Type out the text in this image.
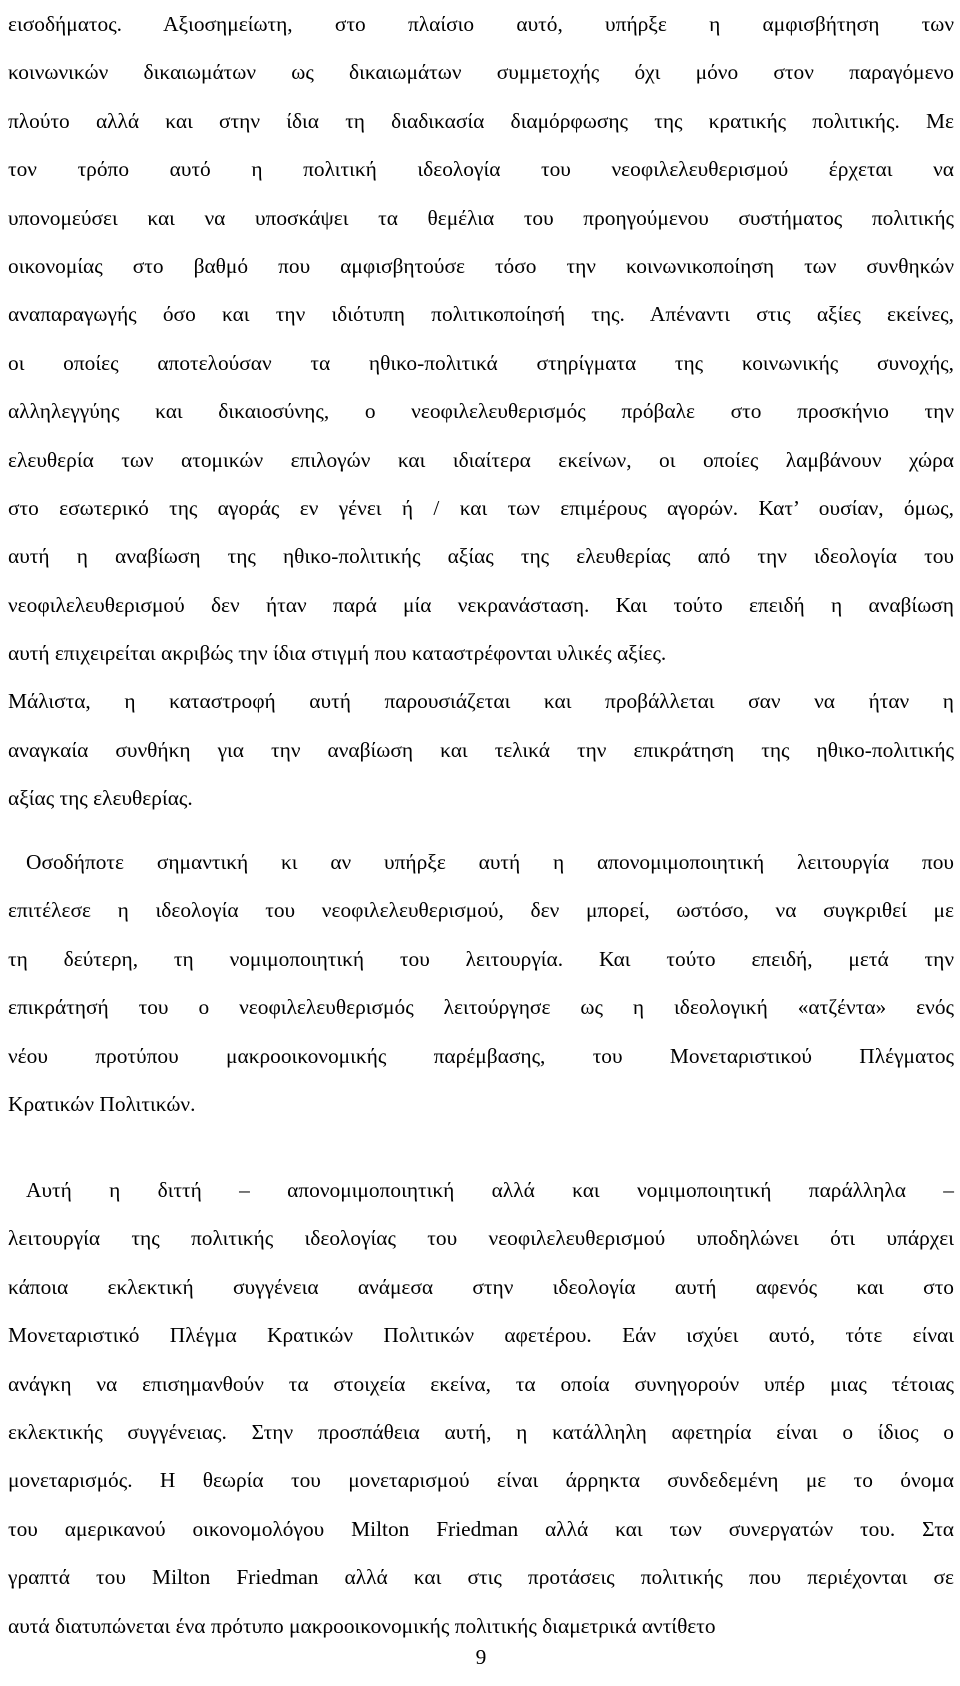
εισοδήματος. Αξιοσημείωτη, στο πλαίσιο αυτό, υπήρξε η αμφισβήτηση των
κοινωνικών δικαιωμάτων ως δικαιωμάτων συμμετοχής όχι μόνο στον παραγόμενο
πλούτο αλλά και στην ίδια τη διαδικασία διαμόρφωσης της κρατικής πολιτικής. Με
τον τρόπο αυτό η πολιτική ιδεολογία του νεοφιλελευθερισμού έρχεται να
υπονομεύσει και να υποσκάψει τα θεμέλια του προηγούμενου συστήματος πολιτικής
οικονομίας στο βαθμό που αμφισβητούσε τόσο την κοινωνικοποίηση των συνθηκών
αναπαραγωγής όσο και την ιδιότυπη πολιτικοποίησή της. Απέναντι στις αξίες εκείνες,
οι οποίες αποτελούσαν τα ηθικο-πολιτικά στηρίγματα της κοινωνικής συνοχής,
αλληλεγγύης και δικαιοσύνης, ο νεοφιλελευθερισμός πρόβαλε στο προσκήνιο την
ελευθερία των ατομικών επιλογών και ιδιαίτερα εκείνων, οι οποίες λαμβάνουν χώρα
στο εσωτερικό της αγοράς εν γένει ή / και των επιμέρους αγορών. Κατ’ ουσίαν, όμως,
αυτή η αναβίωση της ηθικο-πολιτικής αξίας της ελευθερίας από την ιδεολογία του
νεοφιλελευθερισμού δεν ήταν παρά μία νεκρανάσταση. Και τούτο επειδή η αναβίωση
αυτή επιχειρείται ακριβώς την ίδια στιγμή που καταστρέφονται υλικές αξίες.
Μάλιστα, η καταστροφή αυτή παρουσιάζεται και προβάλλεται σαν να ήταν η
αναγκαία συνθήκη για την αναβίωση και τελικά την επικράτηση της ηθικο-πολιτικής
αξίας της ελευθερίας.
Οσοδήποτε σημαντική κι αν υπήρξε αυτή η απονομιμοποιητική λειτουργία που
επιτέλεσε η ιδεολογία του νεοφιλελευθερισμού, δεν μπορεί, ωστόσο, να συγκριθεί με
τη δεύτερη, τη νομιμοποιητική του λειτουργία. Και τούτο επειδή, μετά την
επικράτησή του ο νεοφιλελευθερισμός λειτούργησε ως η ιδεολογική «ατζέντα» ενός
νέου προτύπου μακροοικονομικής παρέμβασης, του Μονεταριστικού Πλέγματος
Κρατικών Πολιτικών.
Αυτή η διττή – απονομιμοποιητική αλλά και νομιμοποιητική παράλληλα –
λειτουργία της πολιτικής ιδεολογίας του νεοφιλελευθερισμού υποδηλώνει ότι υπάρχει
κάποια εκλεκτική συγγένεια ανάμεσα στην ιδεολογία αυτή αφενός και στο
Μονεταριστικό Πλέγμα Κρατικών Πολιτικών αφετέρου. Εάν ισχύει αυτό, τότε είναι
ανάγκη να επισημανθούν τα στοιχεία εκείνα, τα οποία συνηγορούν υπέρ μιας τέτοιας
εκλεκτικής συγγένειας. Στην προσπάθεια αυτή, η κατάλληλη αφετηρία είναι ο ίδιος ο
μονεταρισμός. Η θεωρία του μονεταρισμού είναι άρρηκτα συνδεδεμένη με το όνομα
του αμερικανού οικονομολόγου Milton Friedman αλλά και των συνεργατών του. Στα
γραπτά του Milton Friedman αλλά και στις προτάσεις πολιτικής που περιέχονται σε
αυτά διατυπώνεται ένα πρότυπο μακροοικονομικής πολιτικής διαμετρικά αντίθετο
9
